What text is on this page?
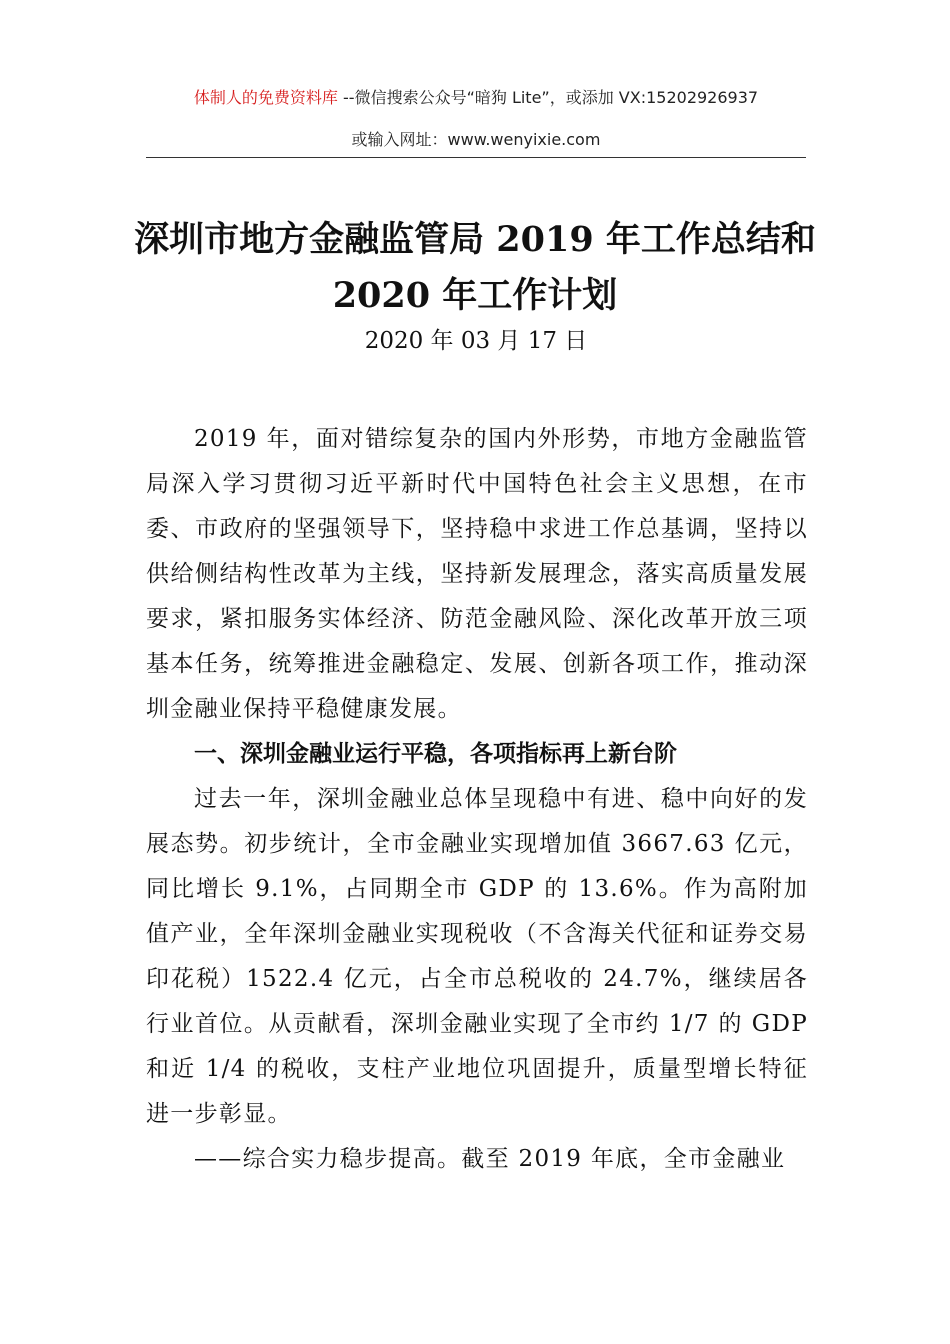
体制人的免费资料库 --微信搜索公众号“暗狗 Lite”，或添加 VX:15202926937
或输入网址：www.wenyixie.com
深圳市地方金融监管局 2019 年工作总结和
2020 年工作计划
2020 年 03 月 17 日

2019 年，面对错综复杂的国内外形势，市地方金融监管局深入学习贯彻习近平新时代中国特色社会主义思想，在市委、市政府的坚强领导下，坚持稳中求进工作总基调，坚持以供给侧结构性改革为主线，坚持新发展理念，落实高质量发展要求，紧扣服务实体经济、防范金融风险、深化改革开放三项基本任务，统筹推进金融稳定、发展、创新各项工作，推动深圳金融业保持平稳健康发展。

一、深圳金融业运行平稳，各项指标再上新台阶

过去一年，深圳金融业总体呈现稳中有进、稳中向好的发展态势。初步统计，全市金融业实现增加值 3667.63 亿元，同比增长 9.1%，占同期全市 GDP 的 13.6%。作为高附加值产业，全年深圳金融业实现税收（不含海关代征和证券交易印花税）1522.4 亿元，占全市总税收的 24.7%，继续居各行业首位。从贡献看，深圳金融业实现了全市约 1/7 的 GDP 和近 1/4 的税收，支柱产业地位巩固提升，质量型增长特征进一步彰显。

——综合实力稳步提高。截至 2019 年底，全市金融业
